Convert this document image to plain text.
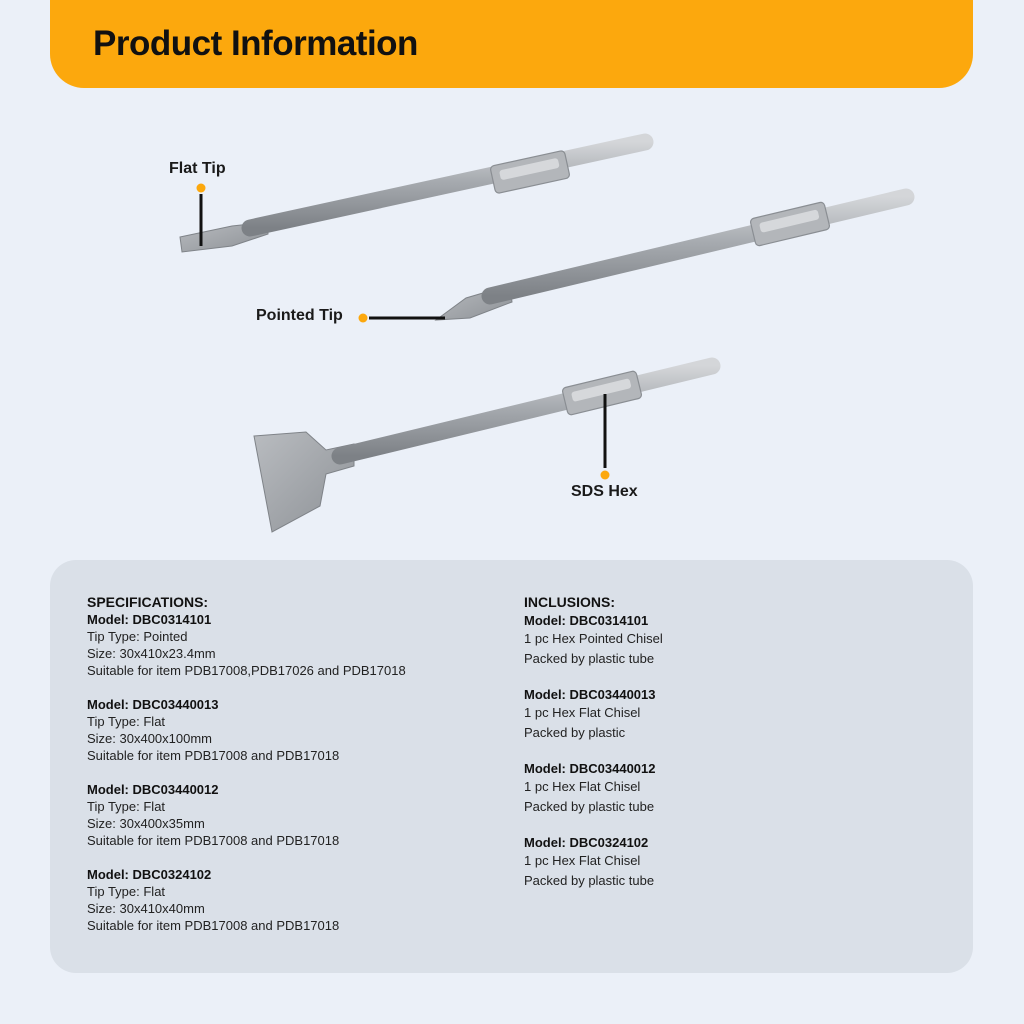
Product Information
Flat Tip
Pointed Tip
SDS Hex
SPECIFICATIONS:
Model: DBC0314101
Tip Type: Pointed
Size: 30x410x23.4mm
Suitable for item PDB17008,PDB17026 and PDB17018
Model: DBC03440013
Tip Type: Flat
Size: 30x400x100mm
Suitable for item PDB17008 and PDB17018
Model: DBC03440012
Tip Type: Flat
Size: 30x400x35mm
Suitable for item PDB17008 and PDB17018
Model: DBC0324102
Tip Type: Flat
Size: 30x410x40mm
Suitable for item PDB17008 and PDB17018
INCLUSIONS:
Model: DBC0314101
1 pc Hex Pointed Chisel
Packed by plastic tube
Model: DBC03440013
1 pc Hex Flat Chisel
Packed by plastic
Model: DBC03440012
1 pc Hex Flat Chisel
Packed by plastic tube
Model: DBC0324102
1 pc Hex Flat Chisel
Packed by plastic tube
